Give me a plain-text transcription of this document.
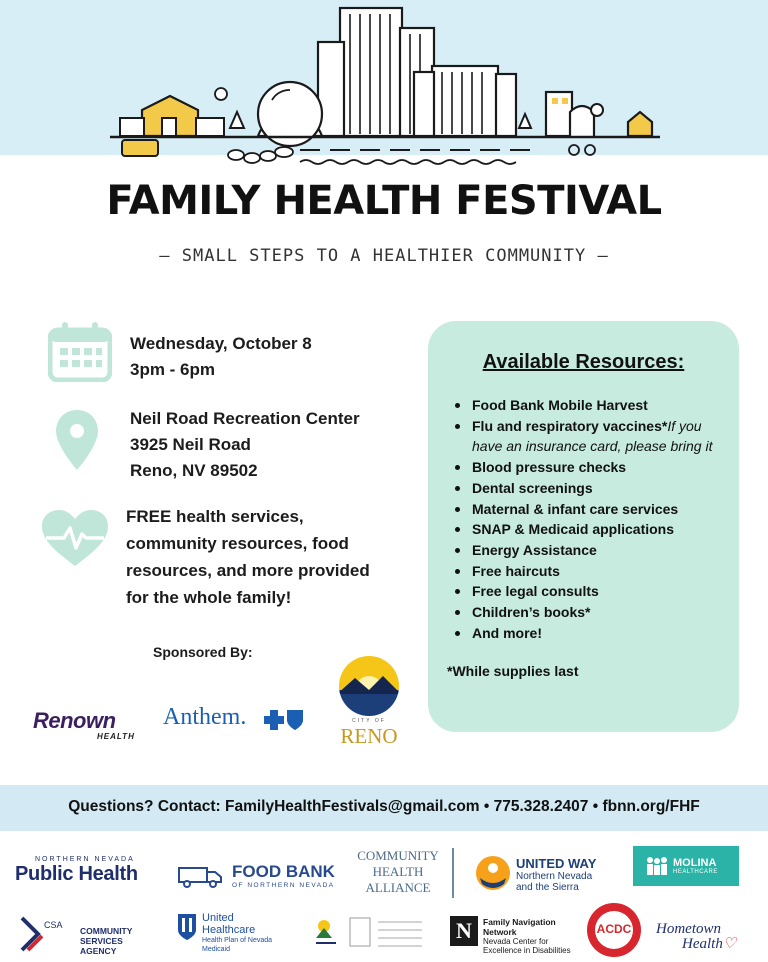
FAMILY HEALTH FESTIVAL
— SMALL STEPS TO A HEALTHIER COMMUNITY —
Wednesday, October 8
3pm - 6pm
Neil Road Recreation Center
3925 Neil Road
Reno, NV 89502
FREE health services,
community resources, food
resources, and more provided
for the whole family!
Sponsored By:
Renown
HEALTH
Anthem.	CITY OF
RENO
Available Resources:
Food Bank Mobile Harvest
Flu and respiratory vaccines*If you have an insurance card, please bring it
Blood pressure checks
Dental screenings
Maternal & infant care services
SNAP & Medicaid applications
Energy Assistance
Free haircuts
Free legal consults
Children’s books*
And more!
*While supplies last
Questions? Contact: FamilyHealthFestivals@gmail.com • 775.328.2407 • fbnn.org/FHF
NORTHERN NEVADA
Public Health	FOOD BANK
OF NORTHERN NEVADA
COMMUNITY
HEALTH
ALLIANCE
UNITED WAY
Northern Nevada
and the Sierra
MOLINA
HEALTHCARE
CSA
COMMUNITY
SERVICES AGENCY
United
Healthcare
Health Plan of Nevada
Medicaid
N	Family Navigation Network
Nevada Center for
Excellence in Disabilities
ACDC	Hometown
Health♡
